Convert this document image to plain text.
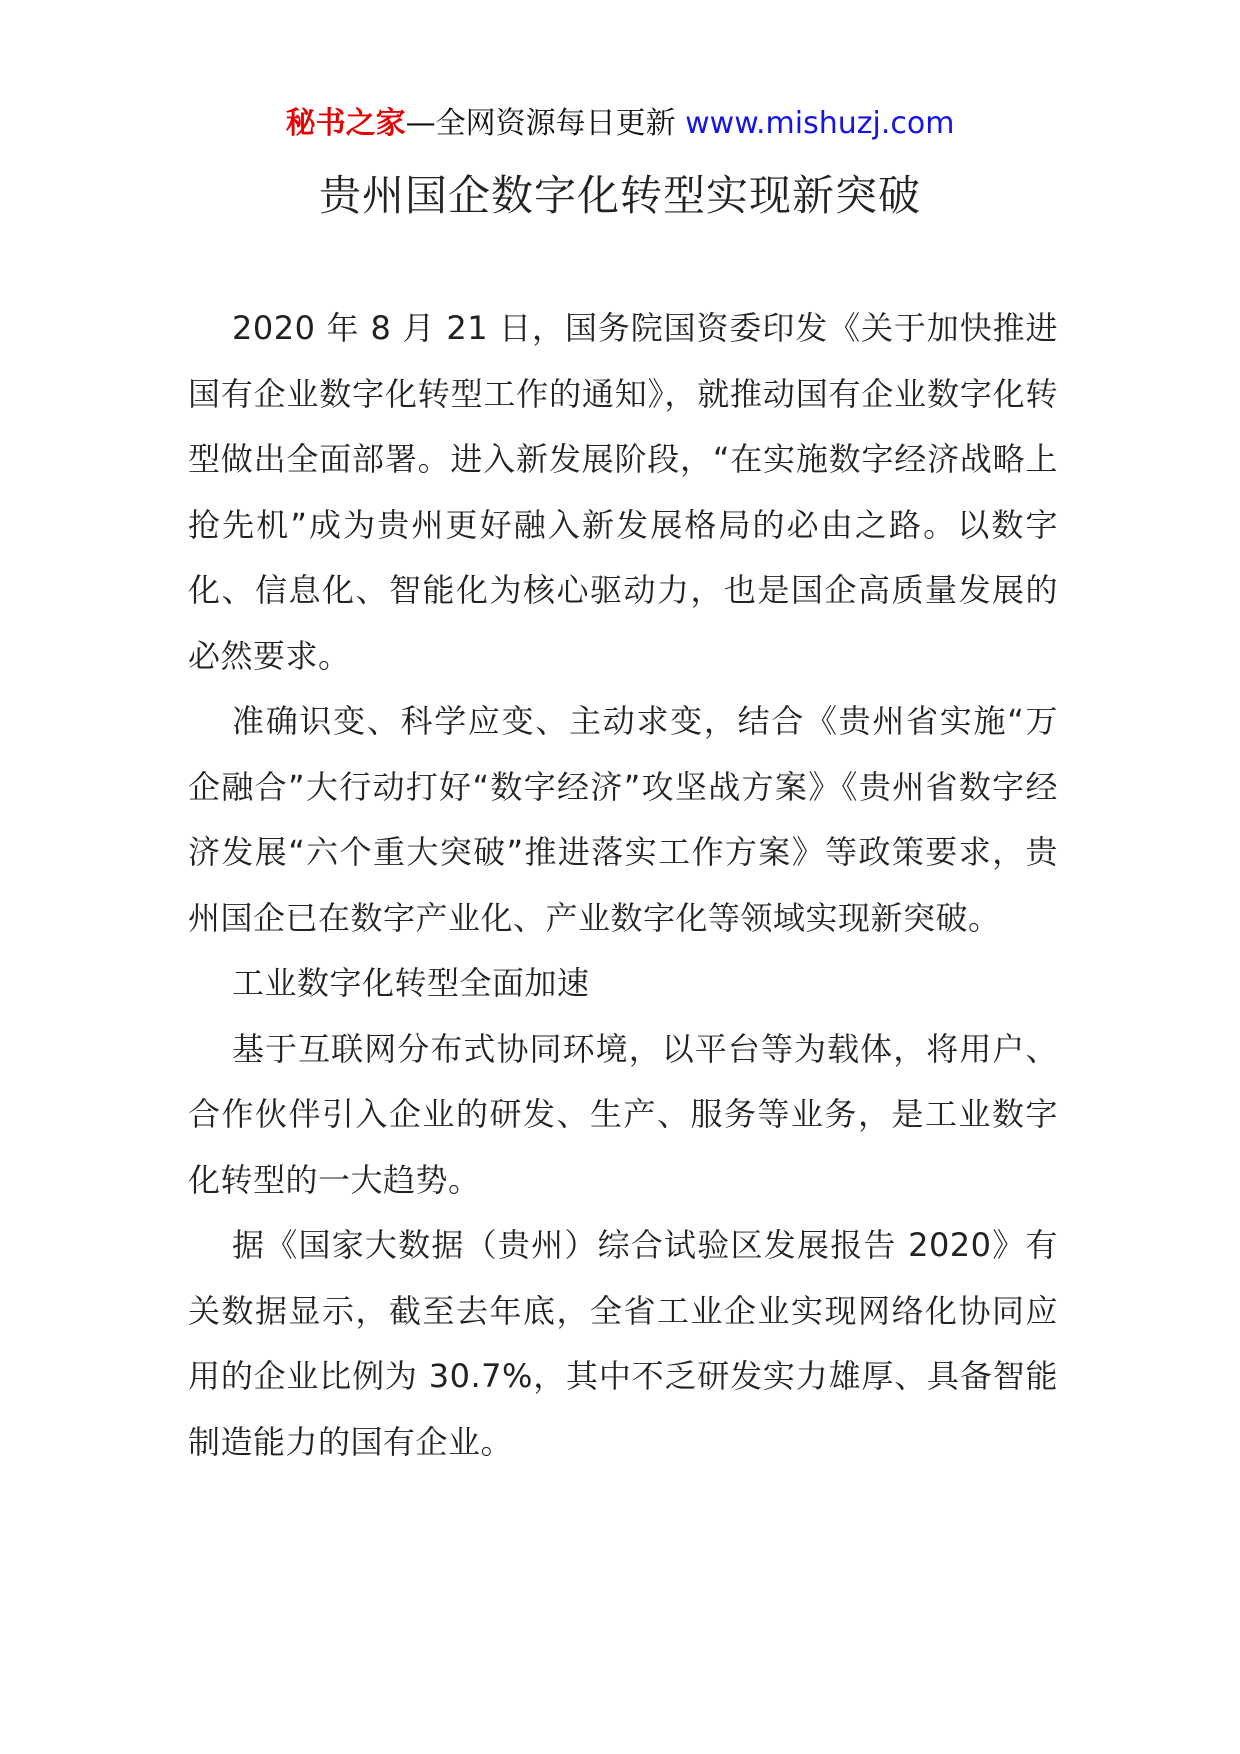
秘书之家—全网资源每日更新 www.mishuzj.com
贵州国企数字化转型实现新突破

2020 年 8 月 21 日，国务院国资委印发《关于加快推进国有企业数字化转型工作的通知》，就推动国有企业数字化转型做出全面部署。进入新发展阶段，“在实施数字经济战略上抢先机”成为贵州更好融入新发展格局的必由之路。以数字化、信息化、智能化为核心驱动力，也是国企高质量发展的必然要求。

准确识变、科学应变、主动求变，结合《贵州省实施“万企融合”大行动打好“数字经济”攻坚战方案》《贵州省数字经济发展“六个重大突破”推进落实工作方案》等政策要求，贵州国企已在数字产业化、产业数字化等领域实现新突破。

工业数字化转型全面加速

基于互联网分布式协同环境，以平台等为载体，将用户、合作伙伴引入企业的研发、生产、服务等业务，是工业数字化转型的一大趋势。

据《国家大数据（贵州）综合试验区发展报告 2020》有关数据显示，截至去年底，全省工业企业实现网络化协同应用的企业比例为 30.7%，其中不乏研发实力雄厚、具备智能制造能力的国有企业。
